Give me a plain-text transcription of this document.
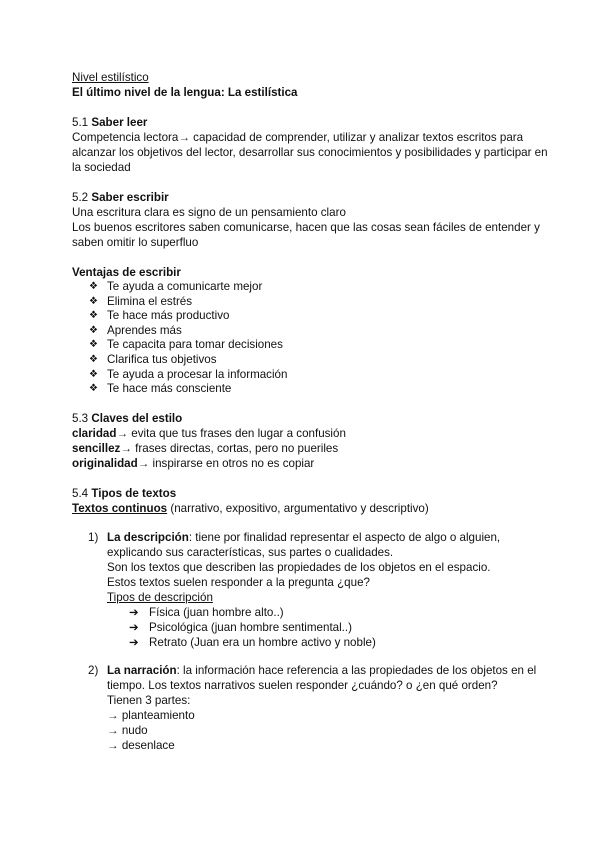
Nivel estilístico
El último nivel de la lengua: La estilística
5.1 Saber leer
Competencia lectora→ capacidad de comprender, utilizar y analizar textos escritos para
alcanzar los objetivos del lector, desarrollar sus conocimientos y posibilidades y participar en
la sociedad
5.2 Saber escribir
Una escritura clara es signo de un pensamiento claro
Los buenos escritores saben comunicarse, hacen que las cosas sean fáciles de entender y
saben omitir lo superfluo
Ventajas de escribir
❖ Te ayuda a comunicarte mejor
❖ Elimina el estrés
❖ Te hace más productivo
❖ Aprendes más
❖ Te capacita para tomar decisiones
❖ Clarifica tus objetivos
❖ Te ayuda a procesar la información
❖ Te hace más consciente
5.3 Claves del estilo
claridad→ evita que tus frases den lugar a confusión
sencillez→ frases directas, cortas, pero no pueriles
originalidad→ inspirarse en otros no es copiar
5.4 Tipos de textos
Textos continuos (narrativo, expositivo, argumentativo y descriptivo)
1) La descripción: tiene por finalidad representar el aspecto de algo o alguien,
explicando sus características, sus partes o cualidades.
Son los textos que describen las propiedades de los objetos en el espacio.
Estos textos suelen responder a la pregunta ¿que?
Tipos de descripción
➔ Física (juan hombre alto..)
➔ Psicológica (juan hombre sentimental..)
➔ Retrato (Juan era un hombre activo y noble)
2) La narración: la información hace referencia a las propiedades de los objetos en el
tiempo. Los textos narrativos suelen responder ¿cuándo? o ¿en qué orden?
Tienen 3 partes:
→ planteamiento
→ nudo
→ desenlace
